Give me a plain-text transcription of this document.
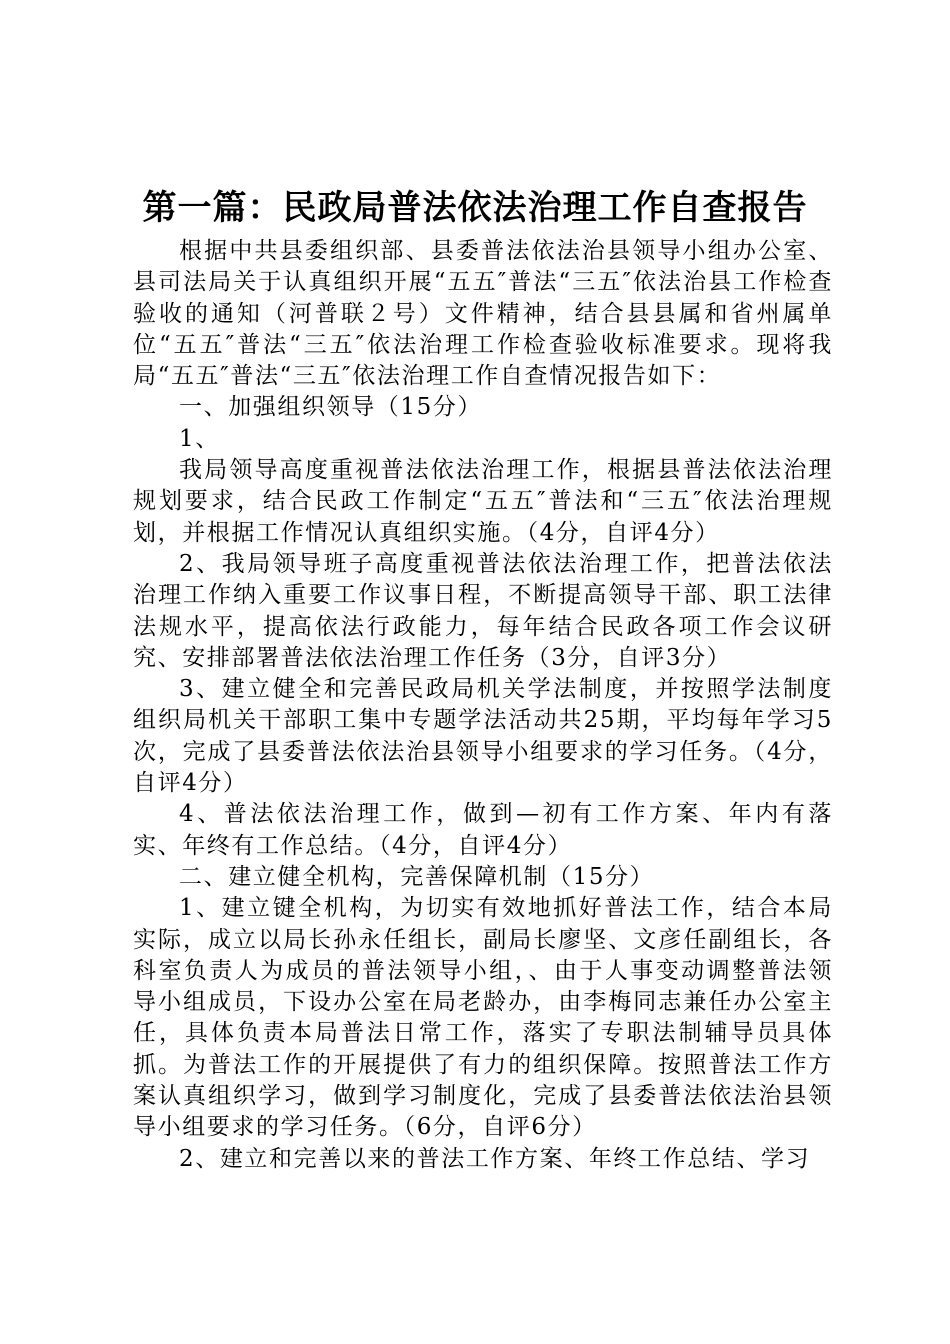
第一篇：民政局普法依法治理工作自查报告

根据中共县委组织部、县委普法依法治县领导小组办公室、县司法局关于认真组织开展“五五″普法“三五″依法治县工作检查验收的通知（河普联２号）文件精神，结合县县属和省州属单位“五五″普法“三五″依法治理工作检查验收标准要求。现将我局“五五″普法“三五″依法治理工作自查情况报告如下：

一、加强组织领导（15分）

1、

我局领导高度重视普法依法治理工作，根据县普法依法治理规划要求，结合民政工作制定“五五″普法和“三五″依法治理规划，并根据工作情况认真组织实施。（4分，自评4分）

2、我局领导班子高度重视普法依法治理工作，把普法依法治理工作纳入重要工作议事日程，不断提高领导干部、职工法律法规水平，提高依法行政能力，每年结合民政各项工作会议研究、安排部署普法依法治理工作任务（3分，自评3分）

3、建立健全和完善民政局机关学法制度，并按照学法制度组织局机关干部职工集中专题学法活动共25期，平均每年学习5次，完成了县委普法依法治县领导小组要求的学习任务。（4分，自评4分）

4、普法依法治理工作，做到—初有工作方案、年内有落实、年终有工作总结。（4分，自评4分）

二、建立健全机构，完善保障机制（15分）

1、建立键全机构，为切实有效地抓好普法工作，结合本局实际，成立以局长孙永任组长，副局长廖坚、文彦任副组长，各科室负责人为成员的普法领导小组，、由于人事变动调整普法领导小组成员，下设办公室在局老龄办，由李梅同志兼任办公室主任，具体负责本局普法日常工作，落实了专职法制辅导员具体抓。为普法工作的开展提供了有力的组织保障。按照普法工作方案认真组织学习，做到学习制度化，完成了县委普法依法治县领导小组要求的学习任务。（6分，自评6分）

2、建立和完善以来的普法工作方案、年终工作总结、学习
